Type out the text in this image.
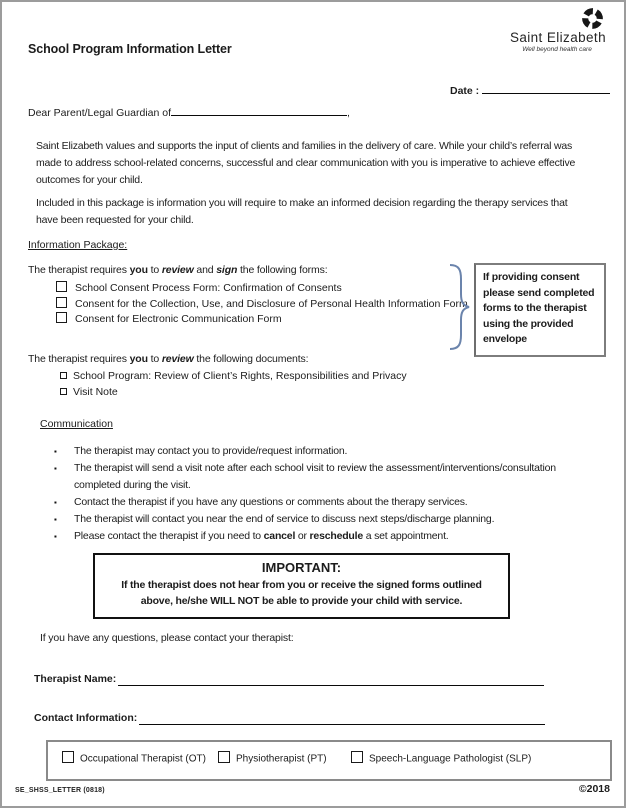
School Program Information Letter
Saint Elizabeth
Well beyond health care
Date :
Dear Parent/Legal Guardian of	,
Saint Elizabeth values and supports the input of clients and families in the delivery of care. While your child’s referral was made to address school-related concerns, successful and clear communication with you is imperative to achieve effective outcomes for your child.
Included in this package is information you will require to make an informed decision regarding the therapy services that have been requested for your child.
Information Package:
The therapist requires you to review and sign the following forms:
School Consent Process Form: Confirmation of Consents
Consent for the Collection, Use, and Disclosure of Personal Health Information Form
Consent for Electronic Communication Form
If providing consent please send completed forms to the therapist using the provided envelope
The therapist requires you to review the following documents:
School Program: Review of Client’s Rights, Responsibilities and Privacy
Visit Note
Communication
▪	The therapist may contact you to provide/request information.
▪	The therapist will send a visit note after each school visit to review the assessment/interventions/consultation completed during the visit.
▪	Contact the therapist if you have any questions or comments about the therapy services.
▪	The therapist will contact you near the end of service to discuss next steps/discharge planning.
▪	Please contact the therapist if you need to cancel or reschedule a set appointment.
IMPORTANT:
If the therapist does not hear from you or receive the signed forms outlined above, he/she WILL NOT be able to provide your child with service.
If you have any questions, please contact your therapist:
Therapist Name:
Contact Information:
Occupational Therapist (OT)	Physiotherapist (PT)	Speech-Language Pathologist (SLP)
SE_SHSS_LETTER (0818)	©2018
